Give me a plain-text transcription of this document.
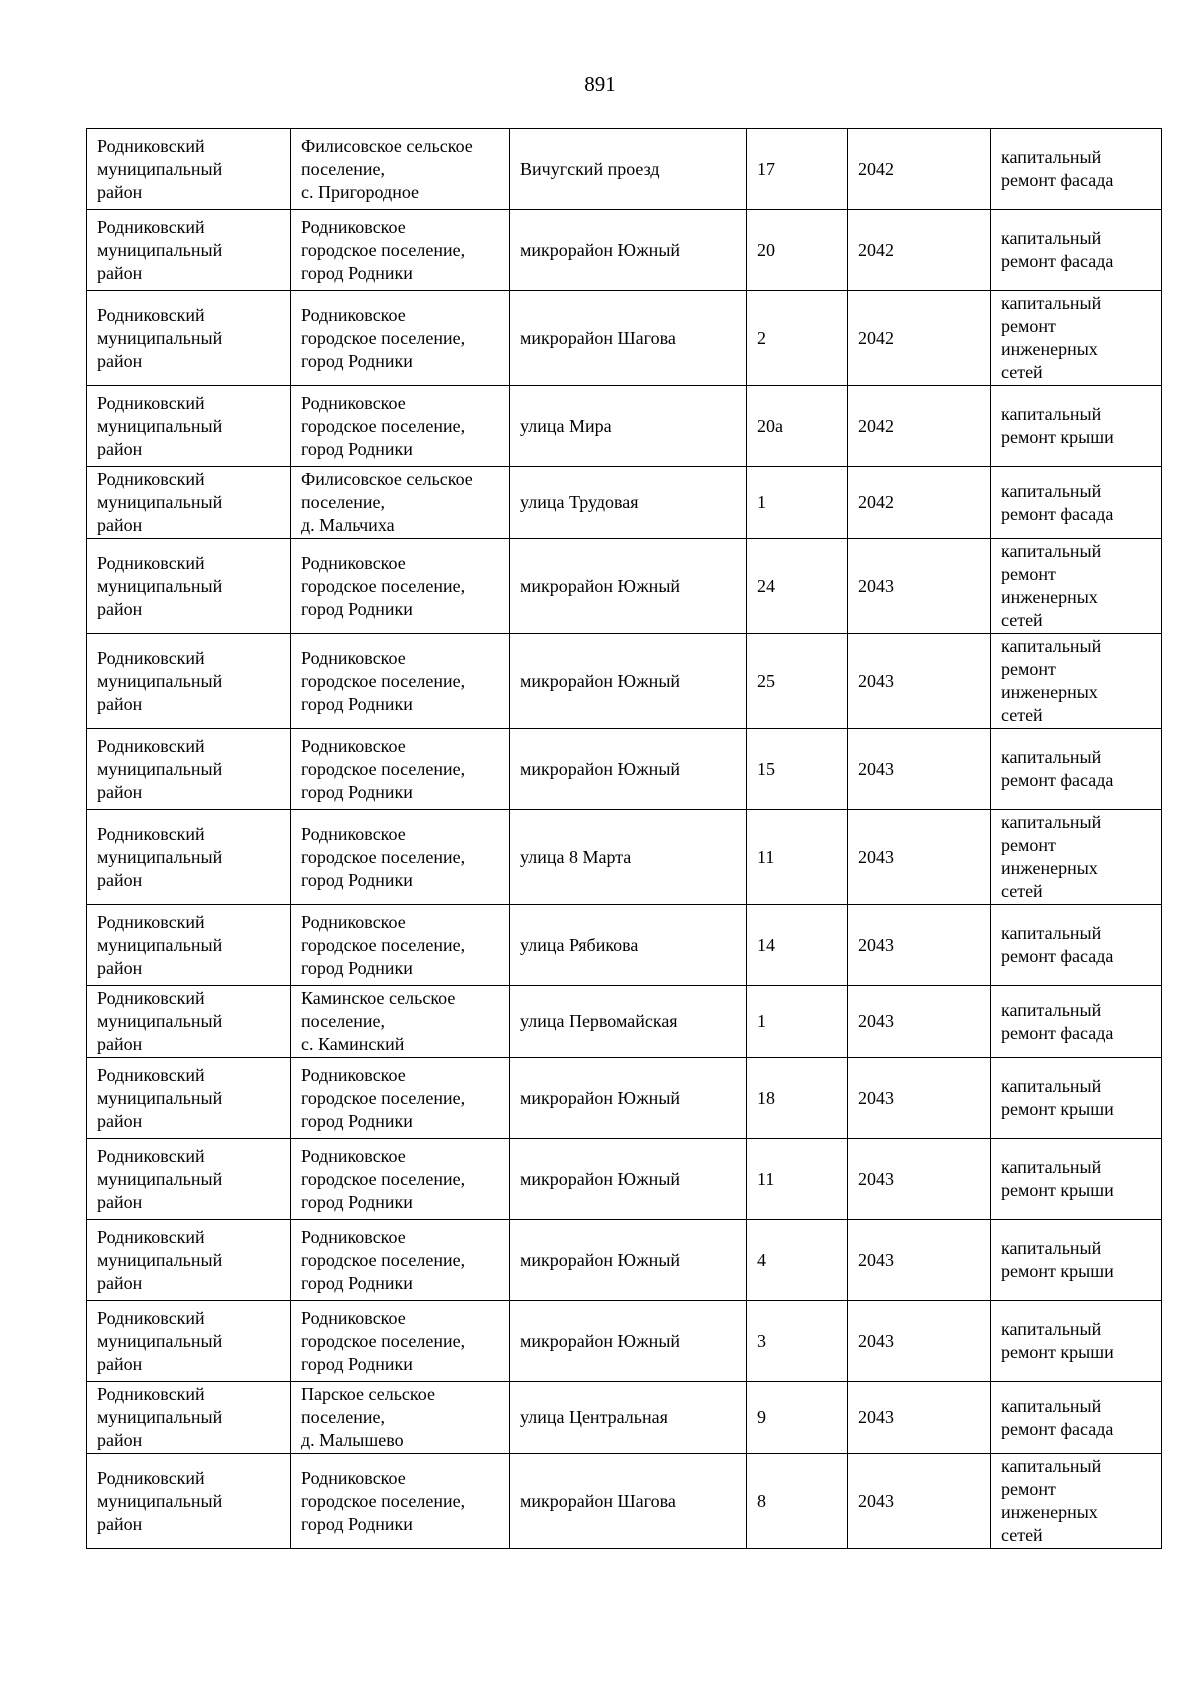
891
Родниковский
муниципальный
район	Филисовское сельское
поселение,
с. Пригородное	Вичугский проезд	17	2042	капитальный
ремонт фасада

Родниковский
муниципальный
район	Родниковское
городское поселение,
город Родники	микрорайон Южный	20	2042	капитальный
ремонт фасада

Родниковский
муниципальный
район	Родниковское
городское поселение,
город Родники	микрорайон Шагова	2	2042	капитальный
ремонт
инженерных
сетей

Родниковский
муниципальный
район	Родниковское
городское поселение,
город Родники	улица Мира	20а	2042	капитальный
ремонт крыши

Родниковский
муниципальный
район	Филисовское сельское
поселение,
д. Мальчиха	улица Трудовая	1	2042	капитальный
ремонт фасада

Родниковский
муниципальный
район	Родниковское
городское поселение,
город Родники	микрорайон Южный	24	2043	капитальный
ремонт
инженерных
сетей

Родниковский
муниципальный
район	Родниковское
городское поселение,
город Родники	микрорайон Южный	25	2043	капитальный
ремонт
инженерных
сетей

Родниковский
муниципальный
район	Родниковское
городское поселение,
город Родники	микрорайон Южный	15	2043	капитальный
ремонт фасада

Родниковский
муниципальный
район	Родниковское
городское поселение,
город Родники	улица 8 Марта	11	2043	капитальный
ремонт
инженерных
сетей

Родниковский
муниципальный
район	Родниковское
городское поселение,
город Родники	улица Рябикова	14	2043	капитальный
ремонт фасада

Родниковский
муниципальный
район	Каминское сельское
поселение,
с. Каминский	улица Первомайская	1	2043	капитальный
ремонт фасада

Родниковский
муниципальный
район	Родниковское
городское поселение,
город Родники	микрорайон Южный	18	2043	капитальный
ремонт крыши

Родниковский
муниципальный
район	Родниковское
городское поселение,
город Родники	микрорайон Южный	11	2043	капитальный
ремонт крыши

Родниковский
муниципальный
район	Родниковское
городское поселение,
город Родники	микрорайон Южный	4	2043	капитальный
ремонт крыши

Родниковский
муниципальный
район	Родниковское
городское поселение,
город Родники	микрорайон Южный	3	2043	капитальный
ремонт крыши

Родниковский
муниципальный
район	Парское сельское
поселение,
д. Малышево	улица Центральная	9	2043	капитальный
ремонт фасада

Родниковский
муниципальный
район	Родниковское
городское поселение,
город Родники	микрорайон Шагова	8	2043	капитальный
ремонт
инженерных
сетей
